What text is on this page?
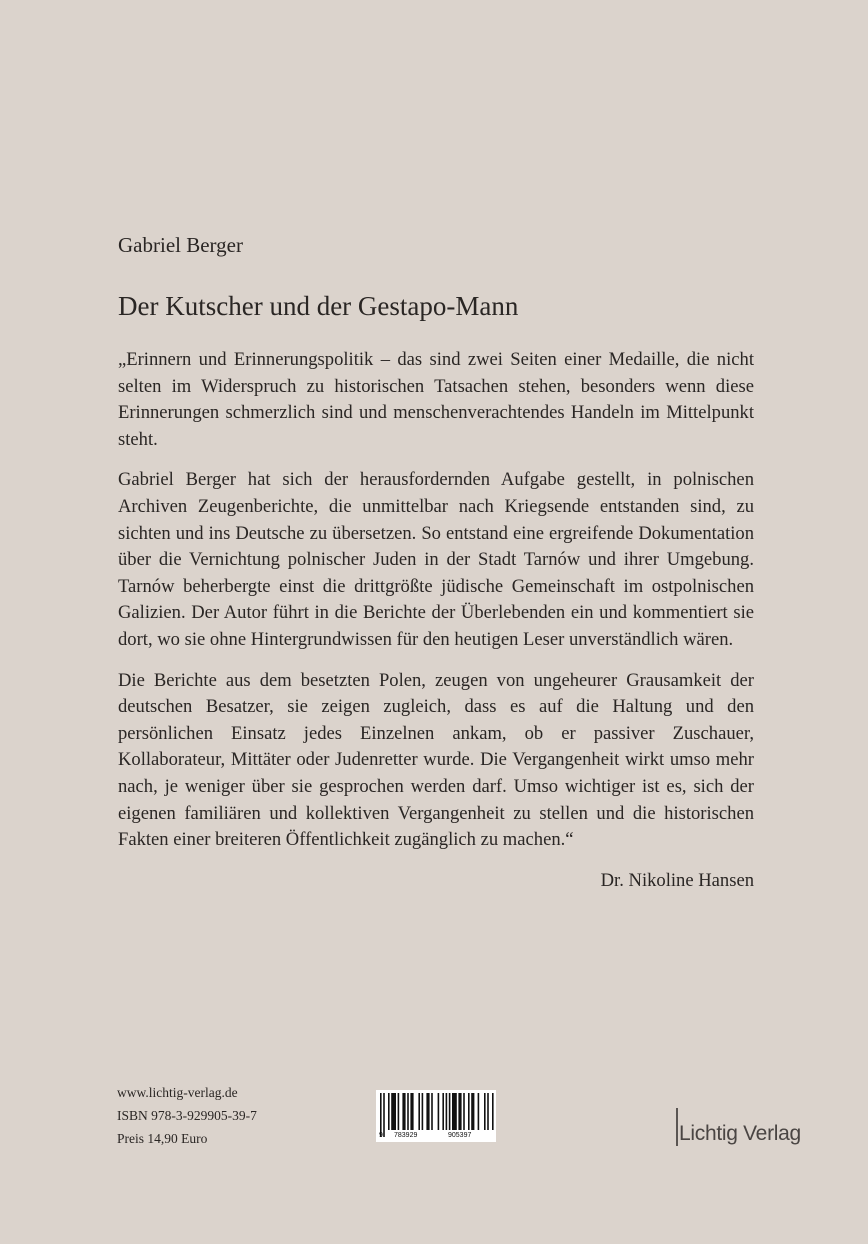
Gabriel Berger
Der Kutscher und der Gestapo-Mann

„Erinnern und Erinnerungspolitik – das sind zwei Seiten einer Medaille, die nicht selten im Widerspruch zu historischen Tatsachen stehen, besonders wenn diese Erinnerungen schmerzlich sind und menschenverachtendes Handeln im Mittelpunkt steht.

Gabriel Berger hat sich der herausfordernden Aufgabe gestellt, in polnischen Archiven Zeugenberichte, die unmittelbar nach Kriegsende entstanden sind, zu sichten und ins Deutsche zu übersetzen. So entstand eine ergreifende Dokumentation über die Vernichtung polnischer Juden in der Stadt Tarnów und ihrer Umgebung. Tarnów beherbergte einst die drittgrößte jüdische Gemeinschaft im ostpolnischen Galizien. Der Autor führt in die Berichte der Überlebenden ein und kommentiert sie dort, wo sie ohne Hintergrundwissen für den heutigen Leser unverständlich wären.

Die Berichte aus dem besetzten Polen, zeugen von ungeheurer Grausamkeit der deutschen Besatzer, sie zeigen zugleich, dass es auf die Haltung und den persönlichen Einsatz jedes Einzelnen ankam, ob er passiver Zuschauer, Kollaborateur, Mittäter oder Judenretter wurde. Die Vergangenheit wirkt umso mehr nach, je weniger über sie gesprochen werden darf. Umso wichtiger ist es, sich der eigenen familiären und kollektiven Vergangenheit zu stellen und die historischen Fakten einer breiteren Öffentlichkeit zugänglich zu machen.“

Dr. Nikoline Hansen
www.lichtig-verlag.de
ISBN 978-3-929905-39-7
Preis 14,90 Euro	9 783929	905397	Lichtig Verlag
